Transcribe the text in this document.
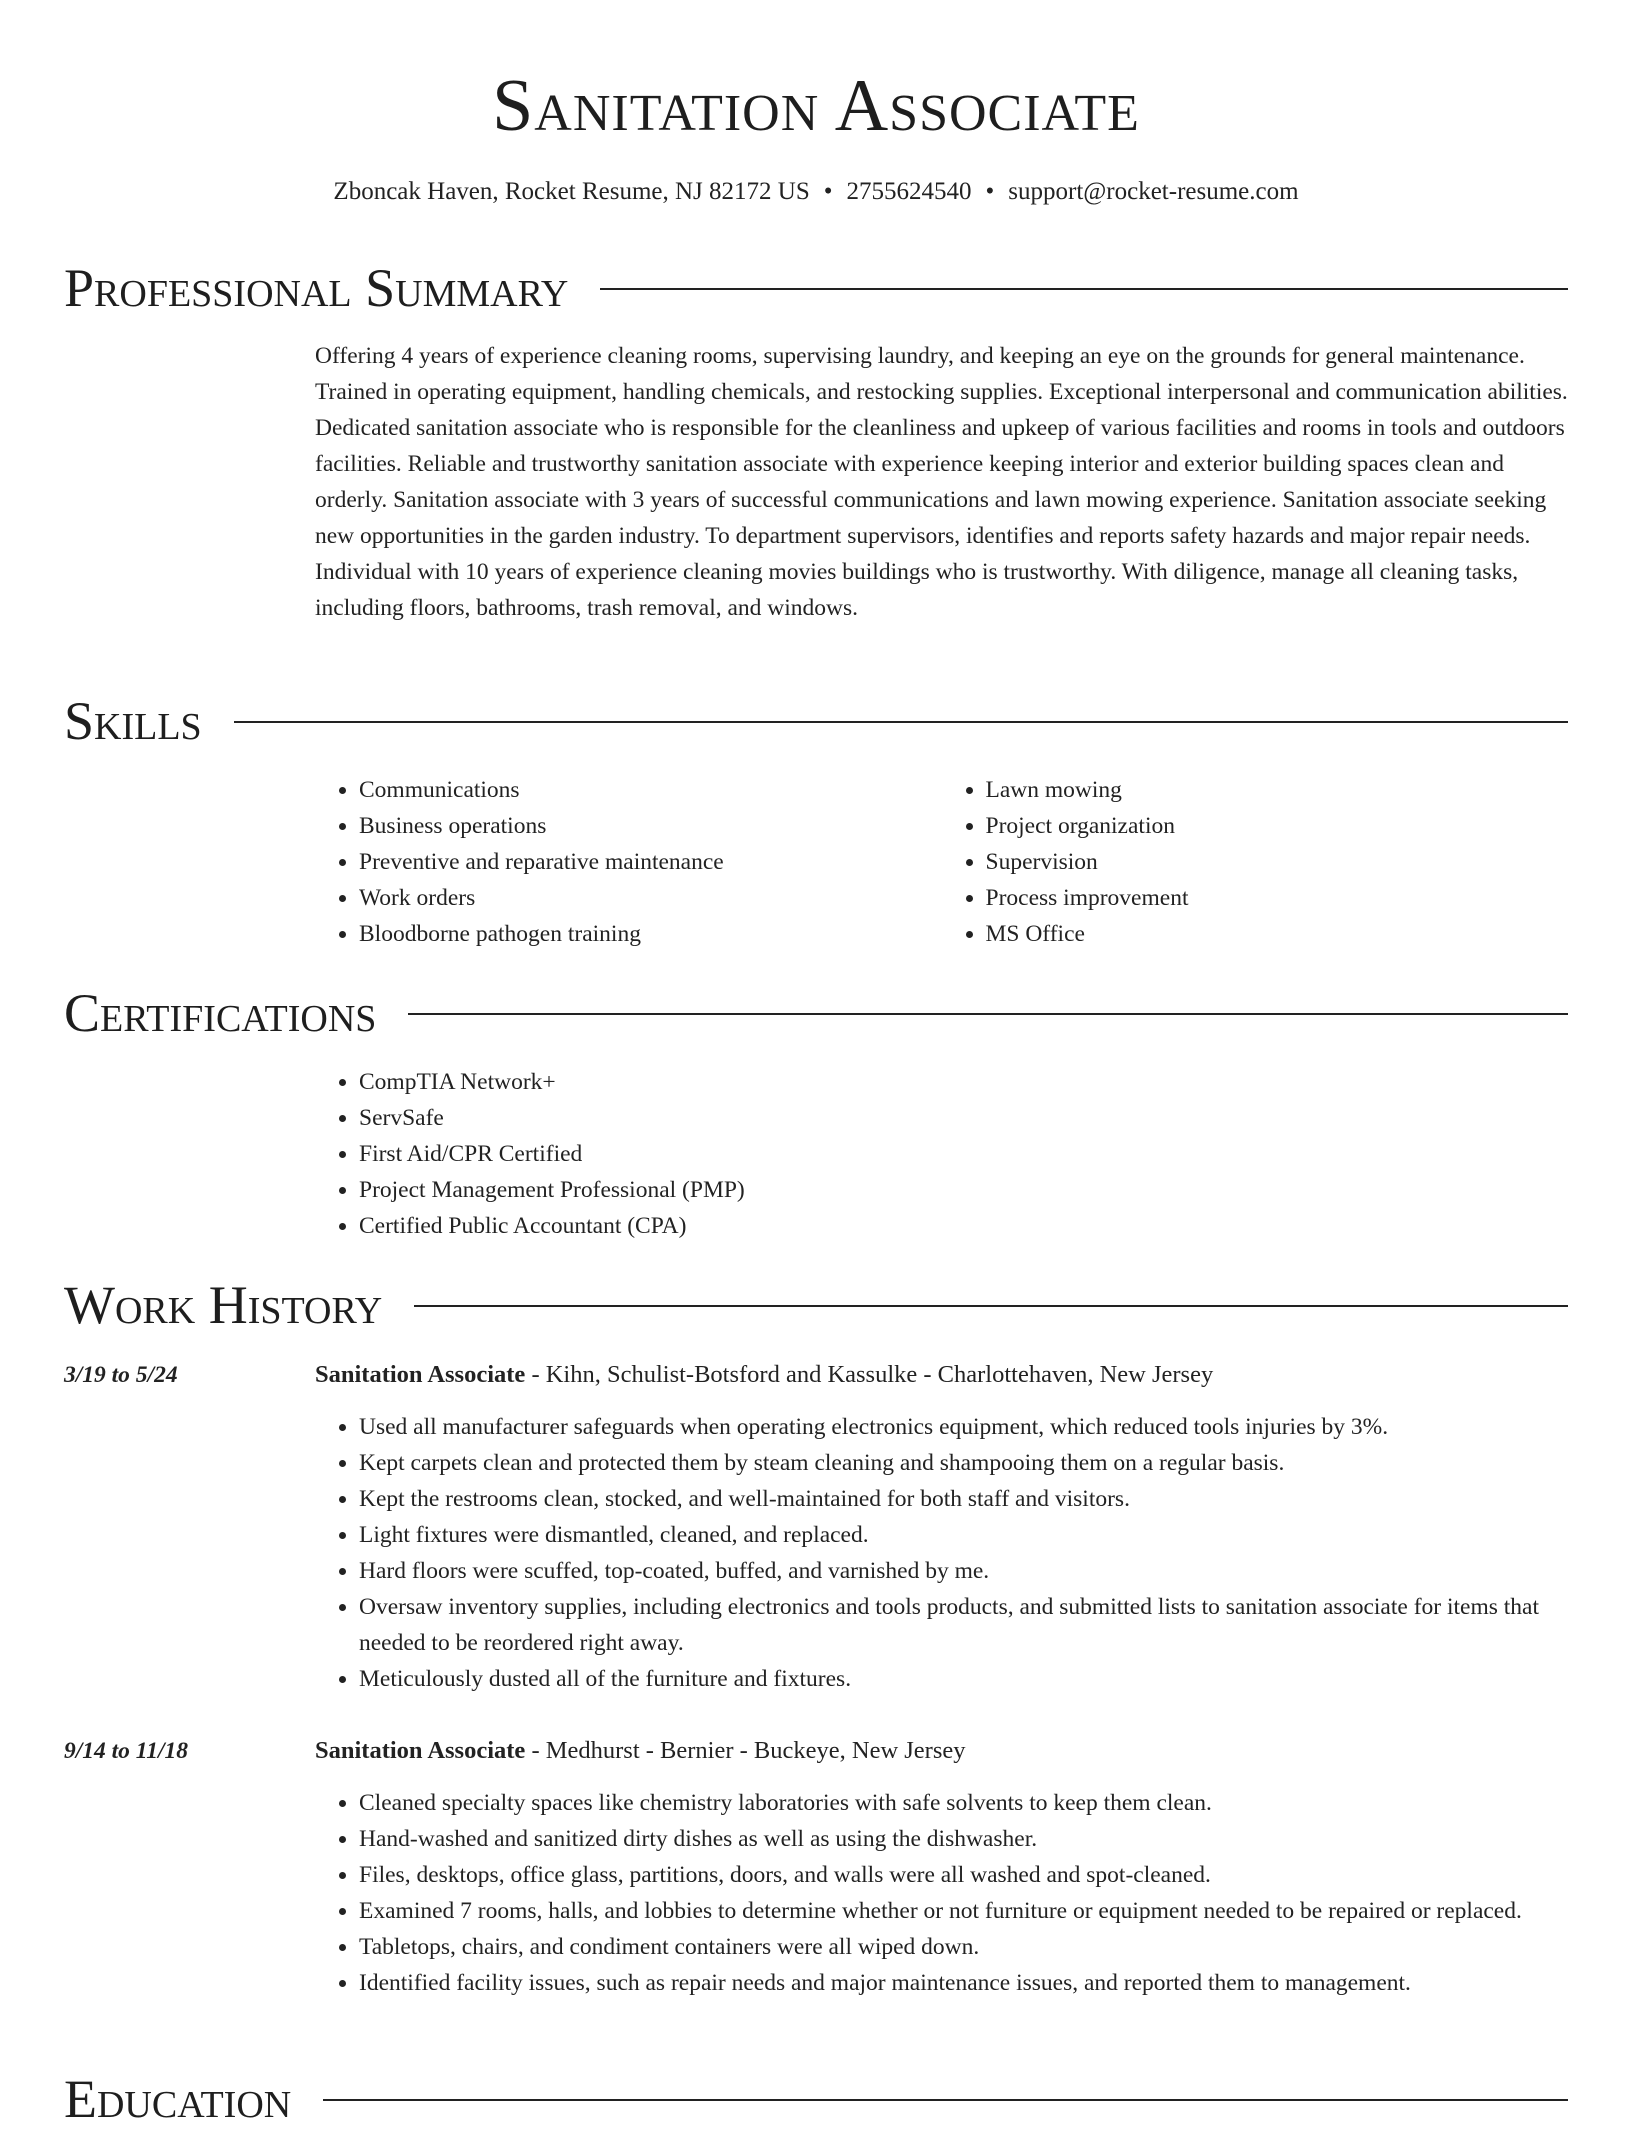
Sanitation Associate
Zboncak Haven, Rocket Resume, NJ 82172 US • 2755624540 • support@rocket-resume.com
Professional Summary

Offering 4 years of experience cleaning rooms, supervising laundry, and keeping an eye on the grounds for general maintenance. Trained in operating equipment, handling chemicals, and restocking supplies. Exceptional interpersonal and communication abilities. Dedicated sanitation associate who is responsible for the cleanliness and upkeep of various facilities and rooms in tools and outdoors facilities. Reliable and trustworthy sanitation associate with experience keeping interior and exterior building spaces clean and orderly. Sanitation associate with 3 years of successful communications and lawn mowing experience. Sanitation associate seeking new opportunities in the garden industry. To department supervisors, identifies and reports safety hazards and major repair needs. Individual with 10 years of experience cleaning movies buildings who is trustworthy. With diligence, manage all cleaning tasks, including floors, bathrooms, trash removal, and windows.

Skills
• Communications
• Business operations
• Preventive and reparative maintenance
• Work orders
• Bloodborne pathogen training
• Lawn mowing
• Project organization
• Supervision
• Process improvement
• MS Office
Certifications
• CompTIA Network+
• ServSafe
• First Aid/CPR Certified
• Project Management Professional (PMP)
• Certified Public Accountant (CPA)
Work History
3/19 to 5/24	Sanitation Associate - Kihn, Schulist-Botsford and Kassulke - Charlottehaven, New Jersey
• Used all manufacturer safeguards when operating electronics equipment, which reduced tools injuries by 3%.
• Kept carpets clean and protected them by steam cleaning and shampooing them on a regular basis.
• Kept the restrooms clean, stocked, and well-maintained for both staff and visitors.
• Light fixtures were dismantled, cleaned, and replaced.
• Hard floors were scuffed, top-coated, buffed, and varnished by me.
• Oversaw inventory supplies, including electronics and tools products, and submitted lists to sanitation associate for items that needed to be reordered right away.
• Meticulously dusted all of the furniture and fixtures.
9/14 to 11/18	Sanitation Associate - Medhurst - Bernier - Buckeye, New Jersey
• Cleaned specialty spaces like chemistry laboratories with safe solvents to keep them clean.
• Hand-washed and sanitized dirty dishes as well as using the dishwasher.
• Files, desktops, office glass, partitions, doors, and walls were all washed and spot-cleaned.
• Examined 7 rooms, halls, and lobbies to determine whether or not furniture or equipment needed to be repaired or replaced.
• Tabletops, chairs, and condiment containers were all wiped down.
• Identified facility issues, such as repair needs and major maintenance issues, and reported them to management.
Education
